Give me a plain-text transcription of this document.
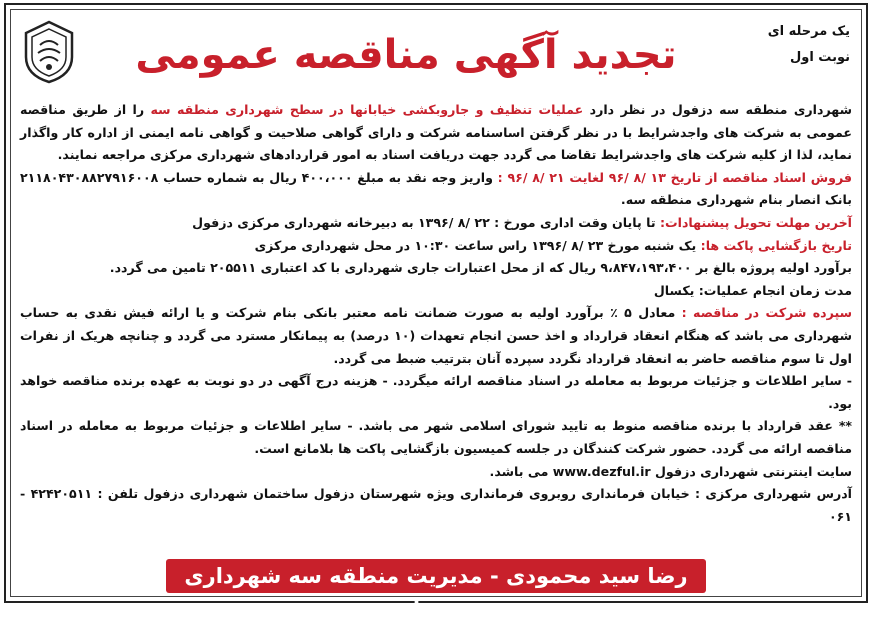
یک مرحله ای
نوبت اول
تجدید آگهی مناقصه عمومی

شهرداری منطقه سه دزفول در نظر دارد عملیات تنظیف و جاروبکشی خیابانها در سطح شهرداری منطقه سه را از طریق مناقصه عمومی به شرکت های واجدشرایط با در نظر گرفتن اساسنامه شرکت و دارای گواهی صلاحیت و گواهی نامه ایمنی از اداره کار واگذار نماید، لذا از کلیه شرکت های واجدشرایط تقاضا می گردد جهت دریافت اسناد به امور قراردادهای شهرداری مرکزی مراجعه نمایند.

فروش اسناد مناقصه از تاریخ ۱۳ /۸ /۹۶ لغایت ۲۱ /۸ /۹۶ : واریز وجه نقد به مبلغ ۴۰۰،۰۰۰ ریال به شماره حساب ۲۱۱۸۰۴۳۰۸۸۲۷۹۱۶۰۰۸ بانک انصار بنام شهرداری منطقه سه.

آخرین مهلت تحویل پیشنهادات: تا پایان وقت اداری مورخ : ۲۲ /۸ /۱۳۹۶ به دبیرخانه شهرداری مرکزی دزفول

تاریخ بازگشایی پاکت ها: یک شنبه مورخ ۲۳ /۸ /۱۳۹۶ راس ساعت ۱۰:۳۰ در محل شهرداری مرکزی

برآورد اولیه پروژه بالغ بر ۹،۸۴۷،۱۹۳،۴۰۰ ریال که از محل اعتبارات جاری شهرداری با کد اعتباری ۲۰۵۵۱۱ تامین می گردد.

مدت زمان انجام عملیات: یکسال

سپرده شرکت در مناقصه : معادل ۵ ٪ برآورد اولیه به صورت ضمانت نامه معتبر بانکی بنام شرکت و یا ارائه فیش نقدی به حساب شهرداری می باشد که هنگام انعقاد قرارداد و اخذ حسن انجام تعهدات (۱۰ درصد) به پیمانکار مسترد می گردد و چنانچه هریک از نفرات اول تا سوم مناقصه حاضر به انعقاد قرارداد نگردد سپرده آنان بترتیب ضبط می گردد.

- سایر اطلاعات و جزئیات مربوط به معامله در اسناد مناقصه ارائه میگردد. - هزینه درج آگهی در دو نوبت به عهده برنده مناقصه خواهد بود.

** عقد قرارداد با برنده مناقصه منوط به تایید شورای اسلامی شهر می باشد. - سایر اطلاعات و جزئیات مربوط به معامله در اسناد مناقصه ارائه می گردد. حضور شرکت کنندگان در جلسه کمیسیون بازگشایی پاکت ها بلامانع است.

سایت اینترنتی شهرداری دزفول www.dezful.ir می باشد.

آدرس شهرداری مرکزی : خیابان فرمانداری روبروی فرمانداری ویژه شهرستان دزفول ساختمان شهرداری دزفول تلفن : ۴۲۴۲۰۵۱۱ - ۰۶۱

رضا سید محمودی - مدیریت منطقه سه شهرداری دزفول
